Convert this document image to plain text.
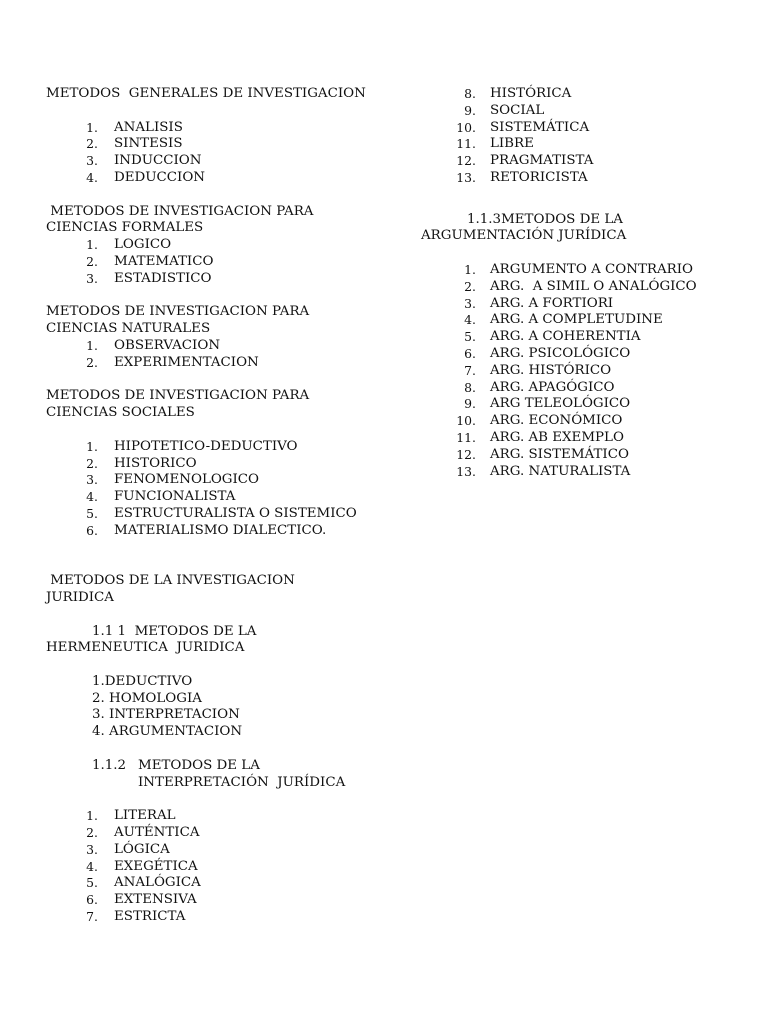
METODOS  GENERALES DE INVESTIGACION
1.	ANALISIS
2.	SINTESIS
3.	INDUCCION
4.	DEDUCCION
METODOS DE INVESTIGACION PARA
CIENCIAS FORMALES
1.	LOGICO
2.	MATEMATICO
3.	ESTADISTICO
METODOS DE INVESTIGACION PARA
CIENCIAS NATURALES
1.	OBSERVACION
2.	EXPERIMENTACION
METODOS DE INVESTIGACION PARA
CIENCIAS SOCIALES
1.	HIPOTETICO-DEDUCTIVO
2.	HISTORICO
3.	FENOMENOLOGICO
4.	FUNCIONALISTA
5.	ESTRUCTURALISTA O SISTEMICO
6.	MATERIALISMO DIALECTICO.
METODOS DE LA INVESTIGACION
JURIDICA
1.1 1  METODOS DE LA
HERMENEUTICA  JURIDICA
1.DEDUCTIVO
2. HOMOLOGIA
3. INTERPRETACION
4. ARGUMENTACION
1.1.2 METODOS DE LA
INTERPRETACIÓN  JURÍDICA
1.	LITERAL
2.	AUTÉNTICA
3.	LÓGICA
4.	EXEGÉTICA
5.	ANALÓGICA
6.	EXTENSIVA
7.	ESTRICTA
8.	HISTÓRICA
9.	SOCIAL
10.	SISTEMÁTICA
11.	LIBRE
12.	PRAGMATISTA
13.	RETORICISTA
1.1.3METODOS DE LA
ARGUMENTACIÓN JURÍDICA
1.	ARGUMENTO A CONTRARIO
2.	ARG.  A SIMIL O ANALÓGICO
3.	ARG. A FORTIORI
4.	ARG. A COMPLETUDINE
5.	ARG. A COHERENTIA
6.	ARG. PSICOLÓGICO
7.	ARG. HISTÓRICO
8.	ARG. APAGÓGICO
9.	ARG TELEOLÓGICO
10.	ARG. ECONÓMICO
11.	ARG. AB EXEMPLO
12.	ARG. SISTEMÁTICO
13.	ARG. NATURALISTA
